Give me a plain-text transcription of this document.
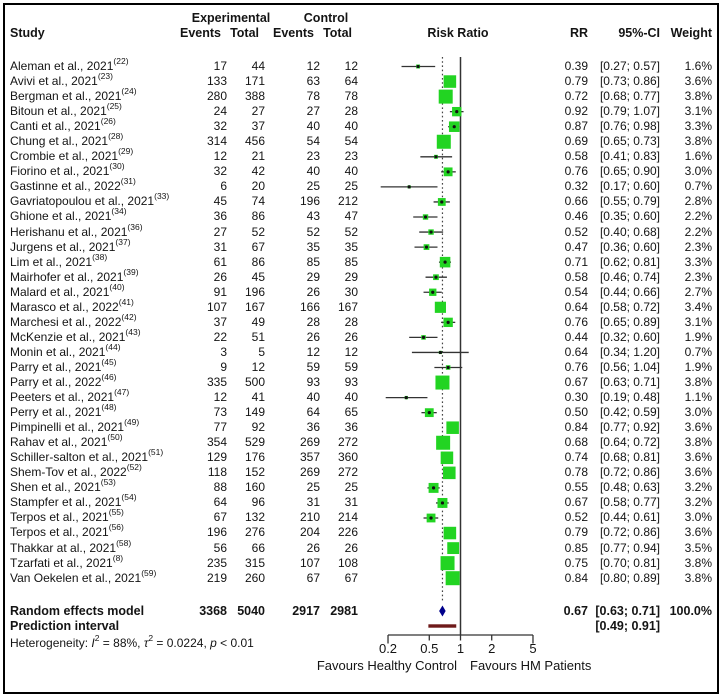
Experimental	Control
Study	Events Total	Events Total	RR	95%-CI Weight
Risk Ratio
Aleman et al., 2021$^{(22)}$	17	44	12	12	0.39 [0.27; 0.57]	1.6%
Avivi et al., 2021$^{(23)}$	133	171	63	64	0.79 [0.73; 0.86]	3.6%
Bergman et al., 2021$^{(24)}$	280	388	78	78	0.72 [0.68; 0.77]	3.8%
Bitoun et al., 2021$^{(25)}$	24	27	27	28	0.92 [0.79; 1.07]	3.1%
Canti et al., 2021$^{(26)}$	32	37	40	40	0.87 [0.76; 0.98]	3.3%
Chung et al., 2021$^{(28)}$	314	456	54	54	0.69 [0.65; 0.73]	3.8%
Crombie et al., 2021$^{(29)}$	12	21	23	23	0.58 [0.41; 0.83]	1.6%
Fiorino et al., 2021$^{(30)}$	32	42	40	40	0.76 [0.65; 0.90]	3.0%
Gastinne et al., 2022$^{(31)}$	6	20	25	25	0.32 [0.17; 0.60]	0.7%
Gavriatopoulou et al., 2021$^{(33)}$	45	74	196	212	0.66 [0.55; 0.79]	2.8%
Ghione et al., 2021$^{(34)}$	36	86	43	47	0.46 [0.35; 0.60]	2.2%
Herishanu et al., 2021$^{(36)}$	27	52	52	52	0.52 [0.40; 0.68]	2.2%
Jurgens et al., 2021$^{(37)}$	31	67	35	35	0.47 [0.36; 0.60]	2.3%
Lim et al., 2021$^{(38)}$	61	86	85	85	0.71 [0.62; 0.81]	3.3%
Mairhofer et al., 2021$^{(39)}$	26	45	29	29	0.58 [0.46; 0.74]	2.3%
Malard et al., 2021$^{(40)}$	91	196	26	30	0.54 [0.44; 0.66]	2.7%
Marasco et al., 2022$^{(41)}$	107	167	166	167	0.64 [0.58; 0.72]	3.4%
Marchesi et al., 2022$^{(42)}$	37	49	28	28	0.76 [0.65; 0.89]	3.1%
McKenzie et al., 2021$^{(43)}$	22	51	26	26	0.44 [0.32; 0.60]	1.9%
Monin et al., 2021$^{(44)}$	3	5	12	12	0.64 [0.34; 1.20]	0.7%
Parry et al., 2021$^{(45)}$	9	12	59	59	0.76 [0.56; 1.04]	1.9%
Parry et al., 2022$^{(46)}$	335	500	93	93	0.67 [0.63; 0.71]	3.8%
Peeters et al., 2021$^{(47)}$	12	41	40	40	0.30 [0.19; 0.48]	1.1%
Perry et al., 2021$^{(48)}$	73	149	64	65	0.50 [0.42; 0.59]	3.0%
Pimpinelli et al., 2021$^{(49)}$	77	92	36	36	0.84 [0.77; 0.92]	3.6%
Rahav et al., 2021$^{(50)}$	354	529	269	272	0.68 [0.64; 0.72]	3.8%
Schiller-salton et al., 2021$^{(51)}$	129	176	357	360	0.74 [0.68; 0.81]	3.6%
Shem-Tov et al., 2022$^{(52)}$	118	152	269	272	0.78 [0.72; 0.86]	3.6%
Shen et al., 2021$^{(53)}$	88	160	25	25	0.55 [0.48; 0.63]	3.2%
Stampfer et al., 2021$^{(54)}$	64	96	31	31	0.67 [0.58; 0.77]	3.2%
Terpos et al., 2021$^{(55)}$	67	132	210	214	0.52 [0.44; 0.61]	3.0%
Terpos et al., 2021$^{(56)}$	196	276	204	226	0.79 [0.72; 0.86]	3.6%
Thakkar at al., 2021$^{(58)}$	56	66	26	26	0.85 [0.77; 0.94]	3.5%
Tzarfati et al., 2021$^{(8)}$	235	315	107	108	0.75 [0.70; 0.81]	3.8%
Van Oekelen et al., 2021$^{(59)}$	219	260	67	67	0.84 [0.80; 0.89]	3.8%
Random effects model	3368 5040	2917 2981	0.67 [0.63; 0.71] 100.0%
Prediction interval	[0.49; 0.91]
Heterogeneity: $I^2 = 88\%$, $\tau^2 = 0.0224$, p < 0.01	0.2	0.5	1	2	5
Favours Healthy Control Favours HM Patients
